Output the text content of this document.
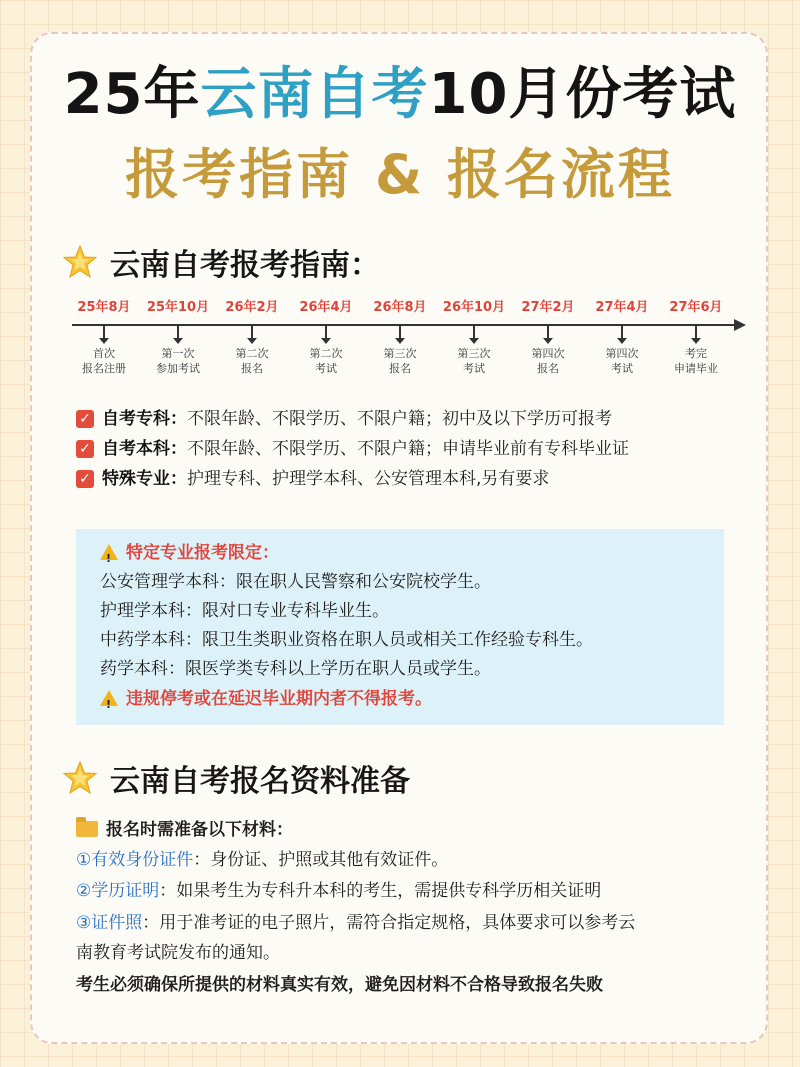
25年云南自考10月份考试
报考指南 & 报名流程
云南自考报考指南：
25年8月
首次
报名注册
25年10月
第一次
参加考试
26年2月
第二次
报名
26年4月
第二次
考试
26年8月
第三次
报名
26年10月
第三次
考试
27年2月
第四次
报名
27年4月
第四次
考试
27年6月
考完
申请毕业
✓ 自考专科： 不限年龄、不限学历、不限户籍；初中及以下学历可报考
✓ 自考本科： 不限年龄、不限学历、不限户籍；申请毕业前有专科毕业证
✓ 特殊专业： 护理专科、护理学本科、公安管理本科,另有要求
!特定专业报考限定：
公安管理学本科：限在职人民警察和公安院校学生。
护理学本科：限对口专业专科毕业生。
中药学本科：限卫生类职业资格在职人员或相关工作经验专科生。
药学本科：限医学类专科以上学历在职人员或学生。
!违规停考或在延迟毕业期内者不得报考。
云南自考报名资料准备
报名时需准备以下材料：
①有效身份证件：身份证、护照或其他有效证件。
②学历证明：如果考生为专科升本科的考生，需提供专科学历相关证明
③证件照：用于准考证的电子照片，需符合指定规格，具体要求可以参考云
南教育考试院发布的通知。
考生必须确保所提供的材料真实有效，避免因材料不合格导致报名失败
